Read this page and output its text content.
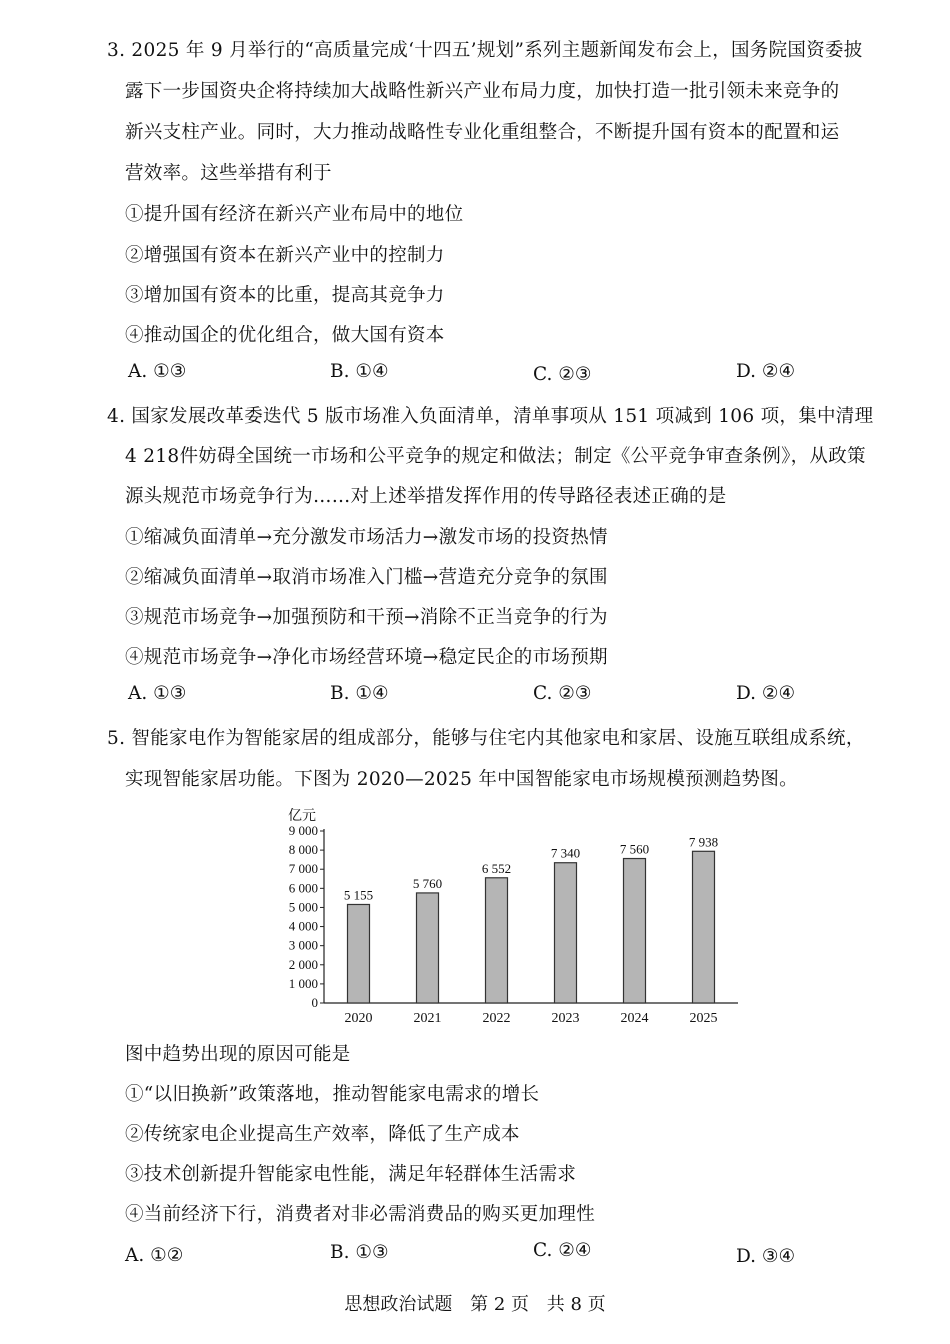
3. 2025 年 9 月举行的“高质量完成‘十四五’规划”系列主题新闻发布会上，国务院国资委披
露下一步国资央企将持续加大战略性新兴产业布局力度，加快打造一批引领未来竞争的
新兴支柱产业。同时，大力推动战略性专业化重组整合，不断提升国有资本的配置和运
营效率。这些举措有利于
①提升国有经济在新兴产业布局中的地位
②增强国有资本在新兴产业中的控制力
③增加国有资本的比重，提高其竞争力
④推动国企的优化组合，做大国有资本
A. ①③	B. ①④	C. ②③	D. ②④
4. 国家发展改革委迭代 5 版市场准入负面清单，清单事项从 151 项减到 106 项，集中清理
4 218件妨碍全国统一市场和公平竞争的规定和做法；制定《公平竞争审查条例》，从政策
源头规范市场竞争行为……对上述举措发挥作用的传导路径表述正确的是
①缩减负面清单→充分激发市场活力→激发市场的投资热情
②缩减负面清单→取消市场准入门槛→营造充分竞争的氛围
③规范市场竞争→加强预防和干预→消除不正当竞争的行为
④规范市场竞争→净化市场经营环境→稳定民企的市场预期
A. ①③	B. ①④	C. ②③	D. ②④
5. 智能家电作为智能家居的组成部分，能够与住宅内其他家电和家居、设施互联组成系统，
实现智能家居功能。下图为 2020—2025 年中国智能家电市场规模预测趋势图。
亿元
0
1 000
2 000
3 000
4 000
5 000
6 000
7 000
8 000
9 000
5 155
2020
5 760
2021
6 552
2022
7 340
2023
7 560
2024
7 938
2025
图中趋势出现的原因可能是
①“以旧换新”政策落地，推动智能家电需求的增长
②传统家电企业提高生产效率，降低了生产成本
③技术创新提升智能家电性能，满足年轻群体生活需求
④当前经济下行，消费者对非必需消费品的购买更加理性
A. ①②	B. ①③	C. ②④	D. ③④
思想政治试题 第 2 页 共 8 页
